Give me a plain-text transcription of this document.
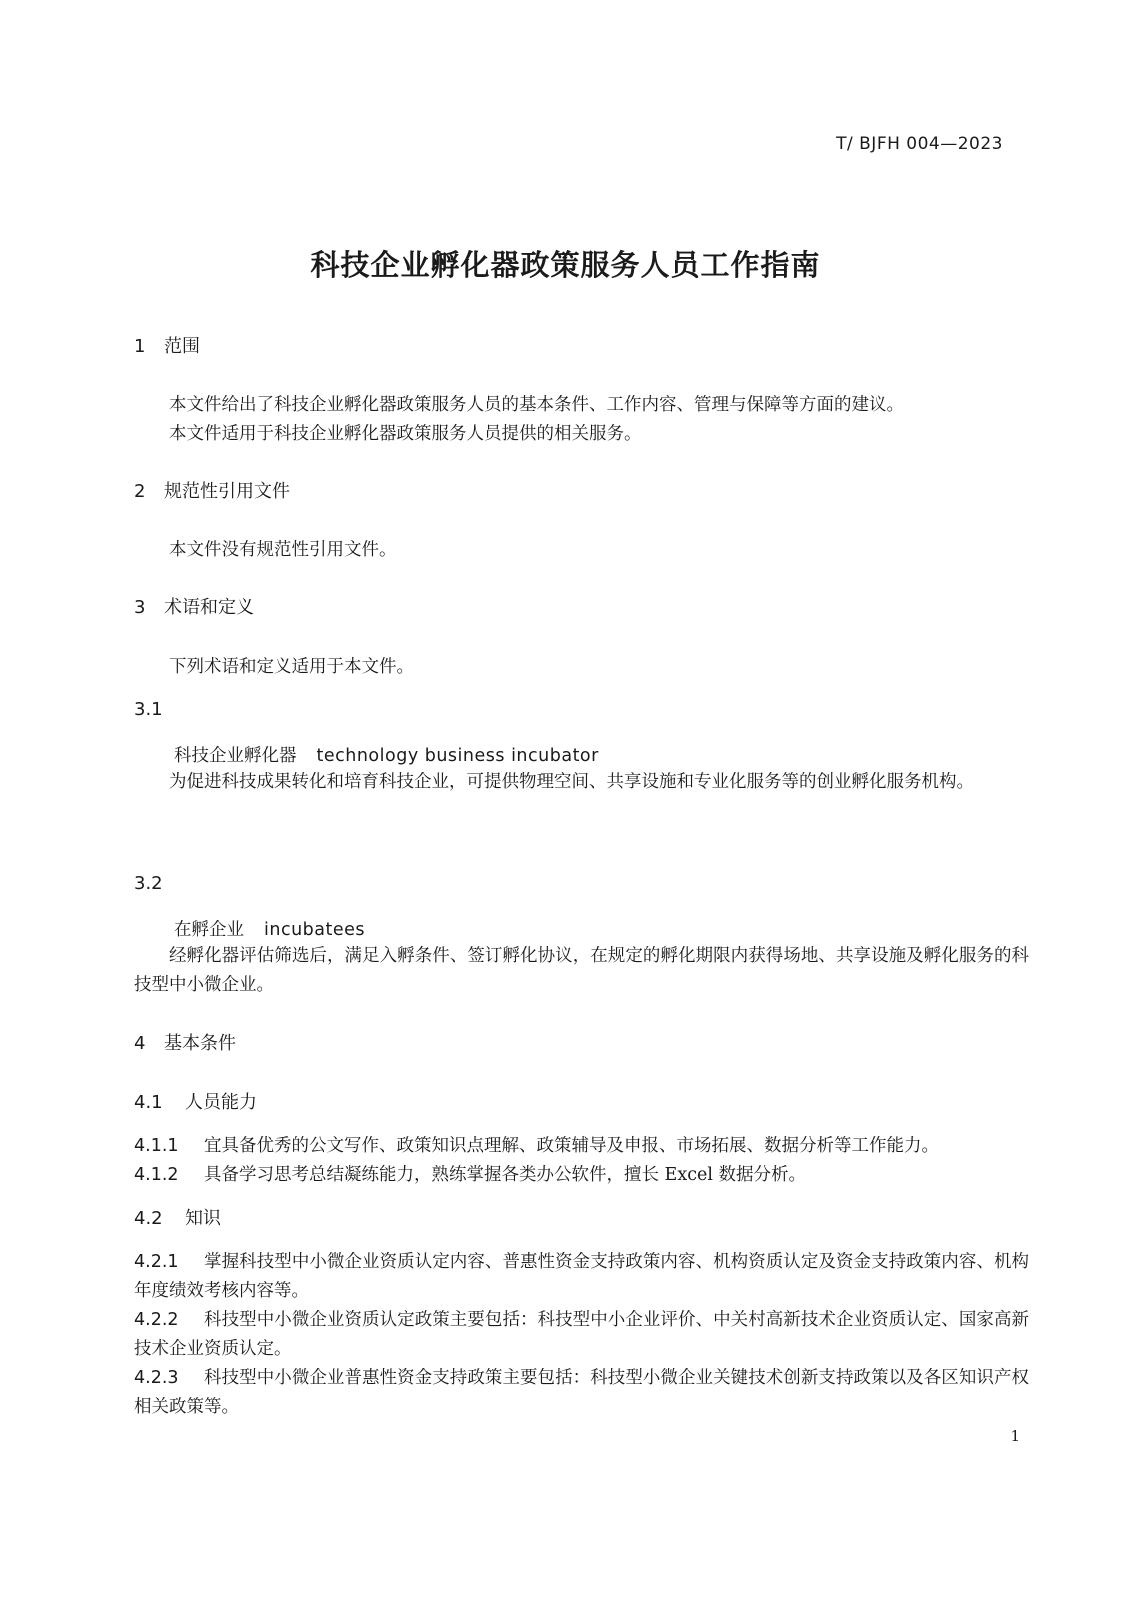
T/ BJFH 004—2023
科技企业孵化器政策服务人员工作指南
1 范围
本文件给出了科技企业孵化器政策服务人员的基本条件、工作内容、管理与保障等方面的建议。
本文件适用于科技企业孵化器政策服务人员提供的相关服务。
2 规范性引用文件
本文件没有规范性引用文件。
3 术语和定义
下列术语和定义适用于本文件。
3.1
科技企业孵化器 technology business incubator
为促进科技成果转化和培育科技企业，可提供物理空间、共享设施和专业化服务等的创业孵化服务机构。
3.2
在孵企业 incubatees
经孵化器评估筛选后，满足入孵条件、签订孵化协议，在规定的孵化期限内获得场地、共享设施及孵化服务的科技型中小微企业。
4 基本条件
4.1 人员能力
4.1.1 宜具备优秀的公文写作、政策知识点理解、政策辅导及申报、市场拓展、数据分析等工作能力。
4.1.2 具备学习思考总结凝练能力，熟练掌握各类办公软件，擅长 Excel 数据分析。
4.2 知识
4.2.1 掌握科技型中小微企业资质认定内容、普惠性资金支持政策内容、机构资质认定及资金支持政策内容、机构年度绩效考核内容等。
4.2.2 科技型中小微企业资质认定政策主要包括：科技型中小企业评价、中关村高新技术企业资质认定、国家高新技术企业资质认定。
4.2.3 科技型中小微企业普惠性资金支持政策主要包括：科技型小微企业关键技术创新支持政策以及各区知识产权相关政策等。
1
